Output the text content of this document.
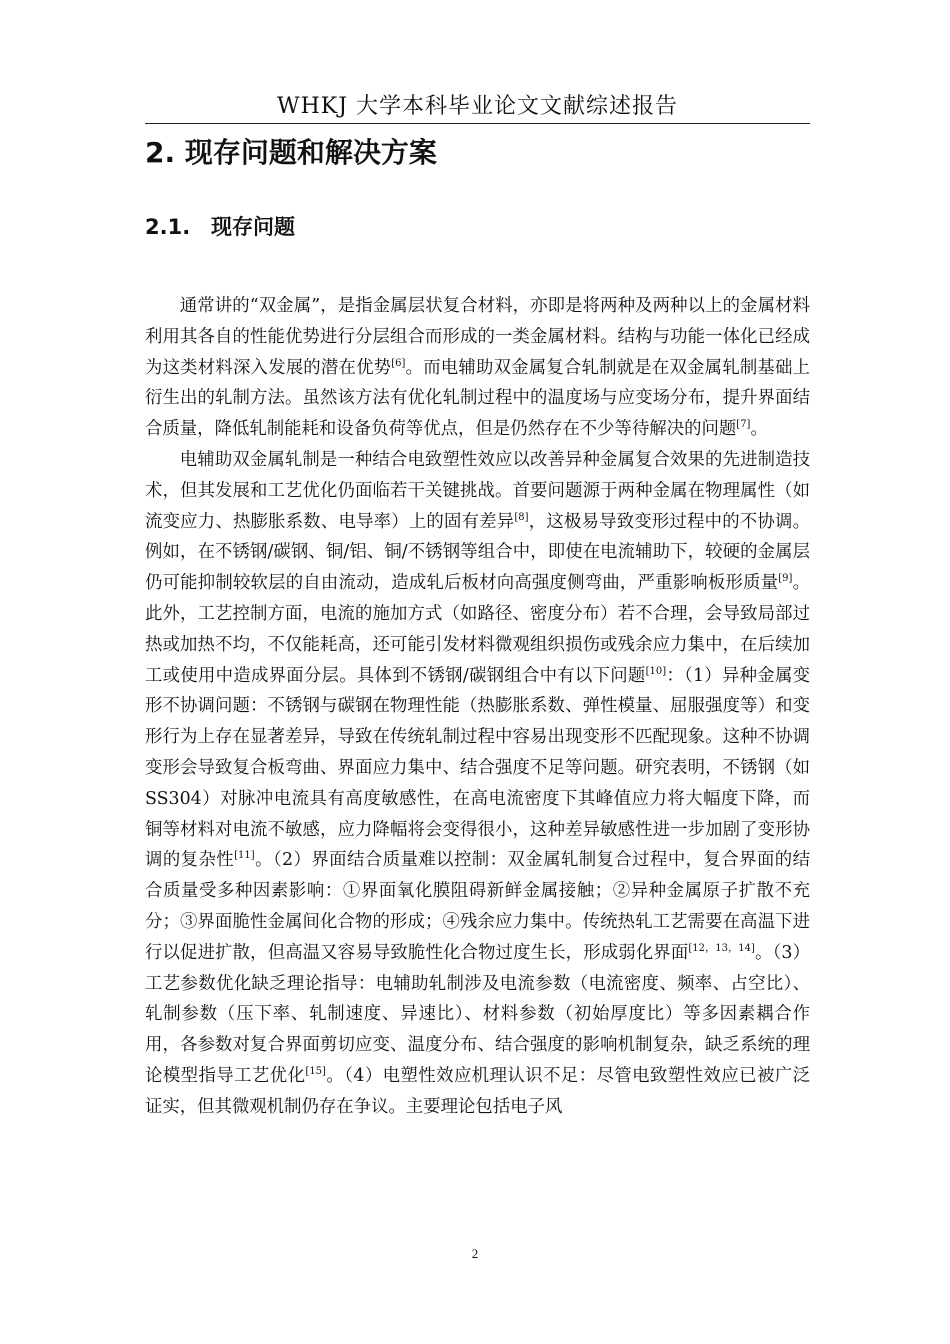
WHKJ 大学本科毕业论文文献综述报告
2. 现存问题和解决方案
2.1. 现存问题

通常讲的“双金属”，是指金属层状复合材料，亦即是将两种及两种以上的金属材料利用其各自的性能优势进行分层组合而形成的一类金属材料。结构与功能一体化已经成为这类材料深入发展的潜在优势[6]。而电辅助双金属复合轧制就是在双金属轧制基础上衍生出的轧制方法。虽然该方法有优化轧制过程中的温度场与应变场分布，提升界面结合质量，降低轧制能耗和设备负荷等优点，但是仍然存在不少等待解决的问题[7]。

电辅助双金属轧制是一种结合电致塑性效应以改善异种金属复合效果的先进制造技术，但其发展和工艺优化仍面临若干关键挑战。首要问题源于两种金属在物理属性（如流变应力、热膨胀系数、电导率）上的固有差异[8]，这极易导致变形过程中的不协调。例如，在不锈钢/碳钢、铜/铝、铜/不锈钢等组合中，即使在电流辅助下，较硬的金属层仍可能抑制较软层的自由流动，造成轧后板材向高强度侧弯曲，严重影响板形质量[9]。此外，工艺控制方面，电流的施加方式（如路径、密度分布）若不合理，会导致局部过热或加热不均，不仅能耗高，还可能引发材料微观组织损伤或残余应力集中，在后续加工或使用中造成界面分层。具体到不锈钢/碳钢组合中有以下问题[10]：（1）异种金属变形不协调问题：不锈钢与碳钢在物理性能（热膨胀系数、弹性模量、屈服强度等）和变形行为上存在显著差异，导致在传统轧制过程中容易出现变形不匹配现象。这种不协调变形会导致复合板弯曲、界面应力集中、结合强度不足等问题。研究表明，不锈钢（如SS304）对脉冲电流具有高度敏感性，在高电流密度下其峰值应力将大幅度下降，而铜等材料对电流不敏感，应力降幅将会变得很小，这种差异敏感性进一步加剧了变形协调的复杂性[11]。（2）界面结合质量难以控制：双金属轧制复合过程中，复合界面的结合质量受多种因素影响：①界面氧化膜阻碍新鲜金属接触；②异种金属原子扩散不充分；③界面脆性金属间化合物的形成；④残余应力集中。传统热轧工艺需要在高温下进行以促进扩散，但高温又容易导致脆性化合物过度生长，形成弱化界面[12，13，14]。（3）工艺参数优化缺乏理论指导：电辅助轧制涉及电流参数（电流密度、频率、占空比）、轧制参数（压下率、轧制速度、异速比）、材料参数（初始厚度比）等多因素耦合作用，各参数对复合界面剪切应变、温度分布、结合强度的影响机制复杂，缺乏系统的理论模型指导工艺优化[15]。（4）电塑性效应机理认识不足：尽管电致塑性效应已被广泛证实，但其微观机制仍存在争议。主要理论包括电子风

2
